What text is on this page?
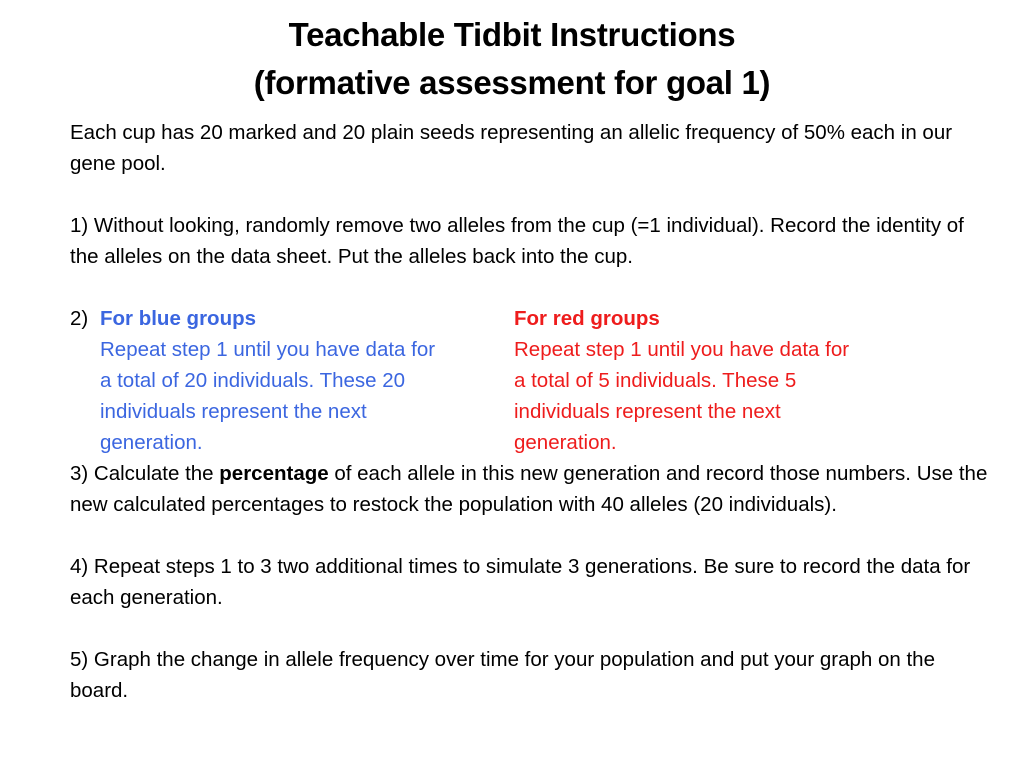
Teachable Tidbit Instructions
(formative assessment for goal 1)

Each cup has 20 marked and 20 plain seeds representing an allelic frequency of 50% each in our gene pool.

1) Without looking, randomly remove two alleles from the cup (=1 individual). Record the identity of the alleles on the data sheet. Put the alleles back into the cup.

2) For blue groups
Repeat step 1 until you have data for
a total of 20 individuals. These 20
individuals represent the next
generation.
For red groups
Repeat step 1 until you have data for
a total of 5 individuals. These 5
individuals represent the next
generation.

3) Calculate the percentage of each allele in this new generation and record those numbers. Use the new calculated percentages to restock the population with 40 alleles (20 individuals).

4) Repeat steps 1 to 3 two additional times to simulate 3 generations. Be sure to record the data for each generation.

5) Graph the change in allele frequency over time for your population and put your graph on the board.
